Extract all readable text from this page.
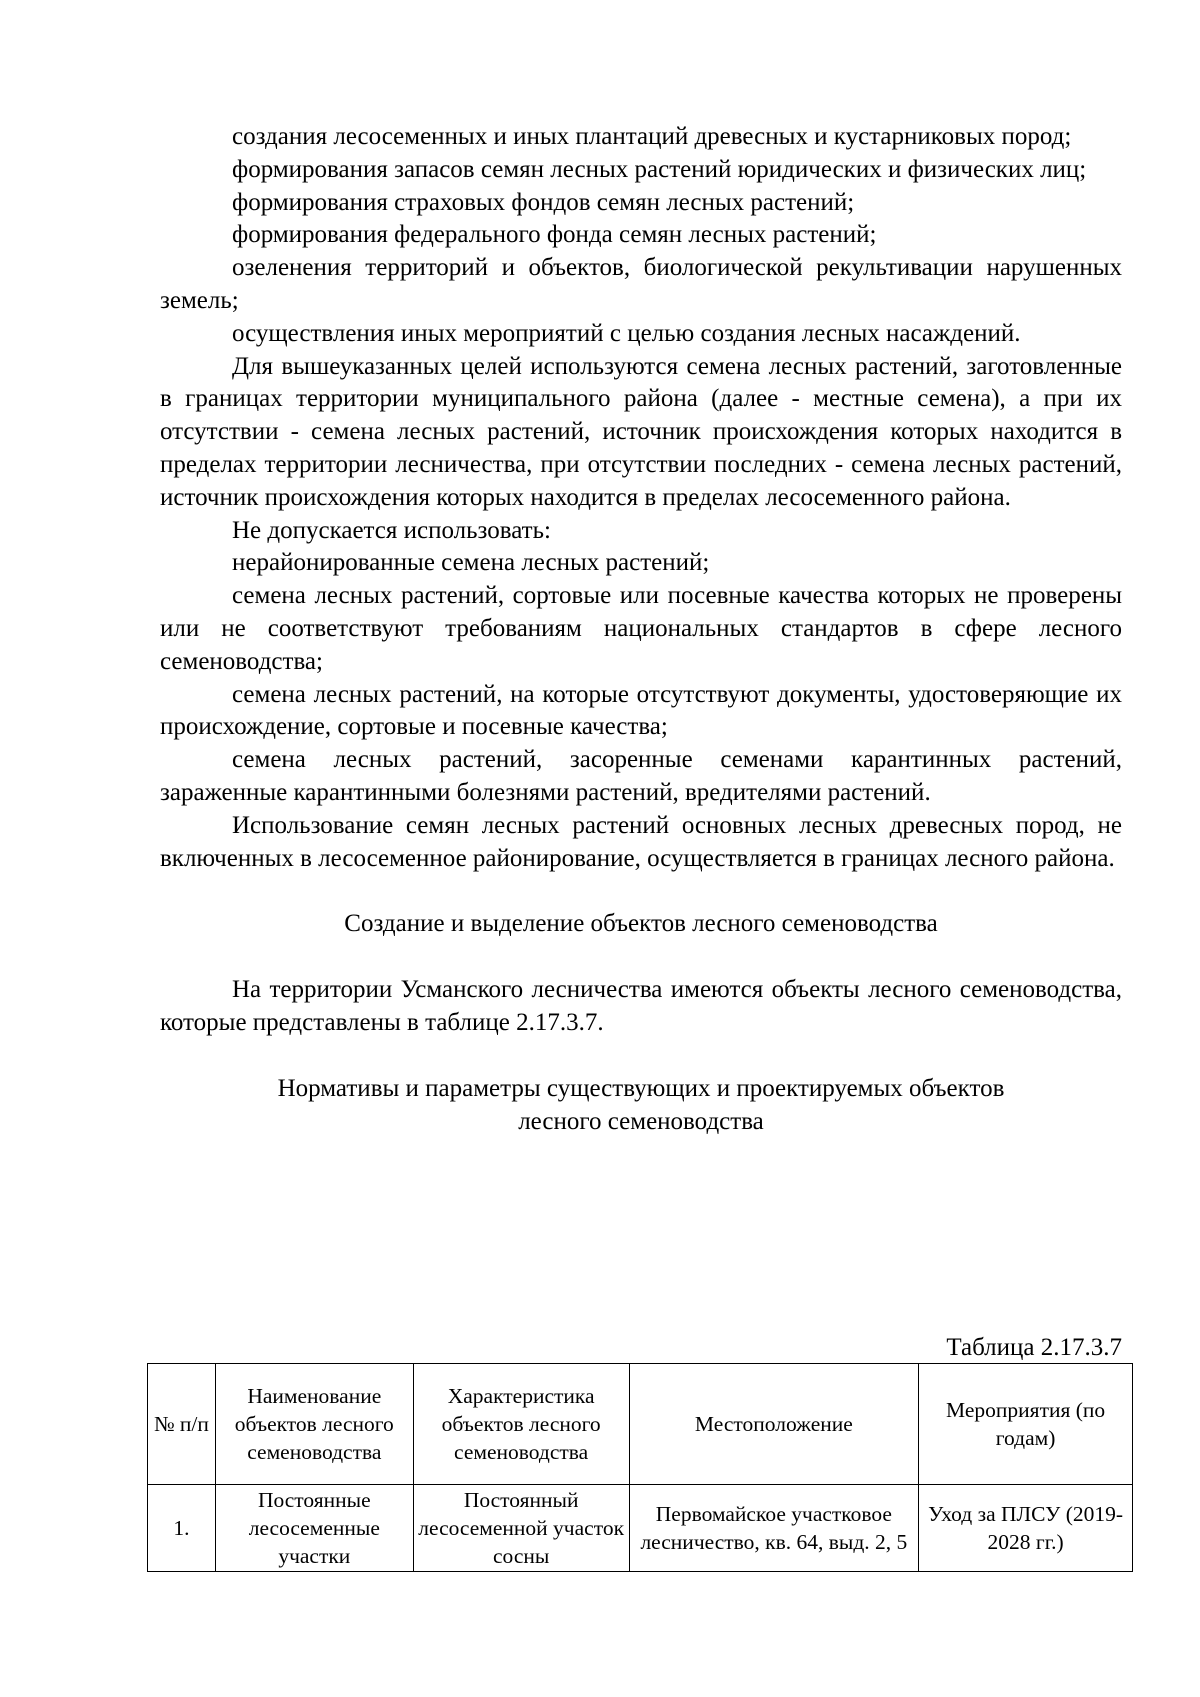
создания лесосеменных и иных плантаций древесных и кустарниковых пород;

формирования запасов семян лесных растений юридических и физических лиц;

формирования страховых фондов семян лесных растений;

формирования федерального фонда семян лесных растений;

озеленения территорий и объектов, биологической рекультивации нарушенных земель;

осуществления иных мероприятий с целью создания лесных насаждений.

Для вышеуказанных целей используются семена лесных растений, заготовленные в границах территории муниципального района (далее - местные семена), а при их отсутствии - семена лесных растений, источник происхождения которых находится в пределах территории лесничества, при отсутствии последних - семена лесных растений, источник происхождения которых находится в пределах лесосеменного района.

Не допускается использовать:

нерайонированные семена лесных растений;

семена лесных растений, сортовые или посевные качества которых не проверены или не соответствуют требованиям национальных стандартов в сфере лесного семеноводства;

семена лесных растений, на которые отсутствуют документы, удостоверяющие их происхождение, сортовые и посевные качества;

семена лесных растений, засоренные семенами карантинных растений, зараженные карантинными болезнями растений, вредителями растений.

Использование семян лесных растений основных лесных древесных пород, не включенных в лесосеменное районирование, осуществляется в границах лесного района.

Создание и выделение объектов лесного семеноводства

На территории Усманского лесничества имеются объекты лесного семеноводства, которые представлены в таблице 2.17.3.7.

Нормативы и параметры существующих и проектируемых объектов

лесного семеноводства

Таблица 2.17.3.7
№ п/п	Наименование объектов лесного семеноводства	Характеристика объектов лесного семеноводства	Местоположение	Мероприятия (по годам)
1.	Постоянные лесосеменные участки	Постоянный лесосеменной участок сосны	Первомайское участковое лесничество, кв. 64, выд. 2, 5	Уход за ПЛСУ (2019-2028 гг.)
